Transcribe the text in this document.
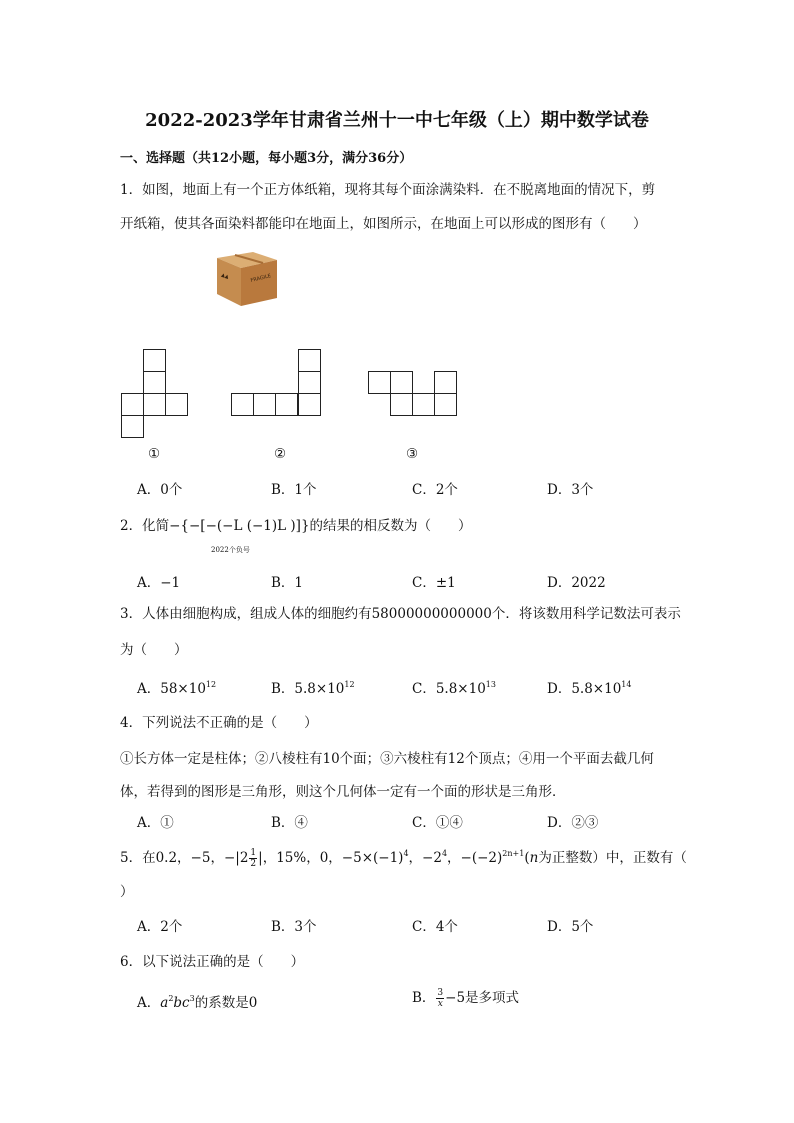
2022-2023学年甘肃省兰州十一中七年级（上）期中数学试卷
一、选择题（共12小题，每小题3分，满分36分）
1．如图，地面上有一个正方体纸箱，现将其每个面涂满染料．在不脱离地面的情况下，剪
开纸箱，使其各面染料都能印在地面上，如图所示，在地面上可以形成的图形有（　　）
▲▲	FRAGILE
①	②	③
A．0个	B．1个	C．2个	D．3个
2．化简−{−[−(−L (−1)L )]}的结果的相反数为（　　）
2022个负号
A．−1	B．1	C．±1	D．2022
3．人体由细胞构成，组成人体的细胞约有58000000000000个．将该数用科学记数法可表示
为（　　）
A．$58\times 10^{12}$	B．$5.8\times 10^{12}$	C．$5.8\times 10^{13}$	D．$5.8\times 10^{14}$
4．下列说法不正确的是（　　）
①长方体一定是柱体；②八棱柱有10个面；③六棱柱有12个顶点；④用一个平面去截几何
体，若得到的图形是三角形，则这个几何体一定有一个面的形状是三角形．
A．①	B．④	C．①④	D．②③
5．在0.2，−5，$-|2 \frac{1}{2}$ |，15%，0，$-5\times(-1)^4$，$-2^4$，$-(-2)^{2n+1}(n$为正整数）中，正数有（
）
A．2个	B．3个	C．4个	D．5个
6．以下说法正确的是（　　）
A．$a^2bc^3$的系数是0	B． $\frac{3}{x} -5$是多项式
